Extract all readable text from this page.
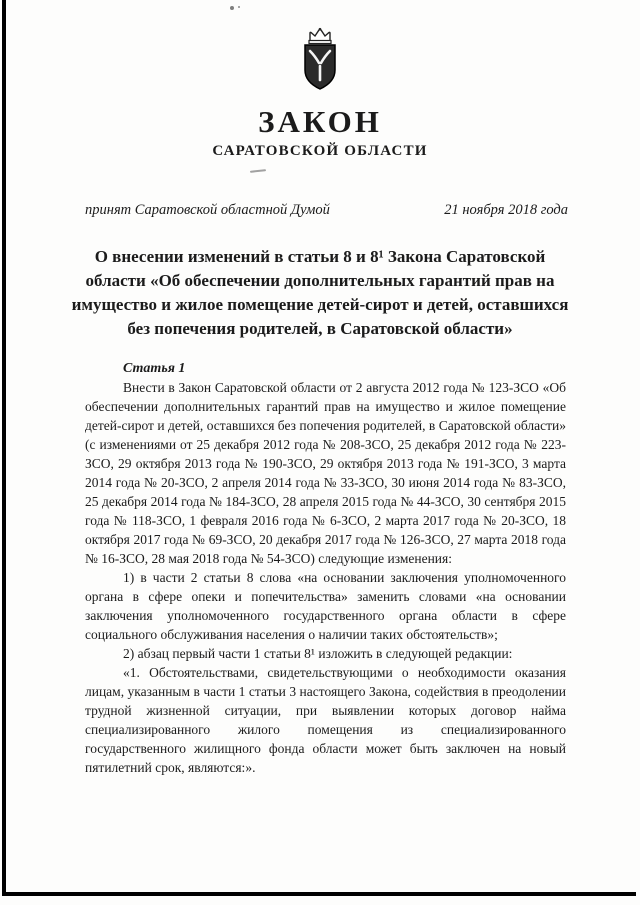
ЗАКОН
САРАТОВСКОЙ ОБЛАСТИ
принят Саратовской областной Думой	21 ноября 2018 года
О внесении изменений в статьи 8 и 8¹ Закона Саратовской области «Об обеспечении дополнительных гарантий прав на имущество и жилое помещение детей-сирот и детей, оставшихся без попечения родителей, в Саратовской области»
Статья 1

Внести в Закон Саратовской области от 2 августа 2012 года № 123-ЗСО «Об обеспечении дополнительных гарантий прав на имущество и жилое помещение детей-сирот и детей, оставшихся без попечения родителей, в Саратовской области» (с изменениями от 25 декабря 2012 года № 208-ЗСО, 25 декабря 2012 года № 223-ЗСО, 29 октября 2013 года № 190-ЗСО, 29 октября 2013 года № 191-ЗСО, 3 марта 2014 года № 20-ЗСО, 2 апреля 2014 года № 33-ЗСО, 30 июня 2014 года № 83-ЗСО, 25 декабря 2014 года № 184-ЗСО, 28 апреля 2015 года № 44-ЗСО, 30 сентября 2015 года № 118-ЗСО, 1 февраля 2016 года № 6-ЗСО, 2 марта 2017 года № 20-ЗСО, 18 октября 2017 года № 69-ЗСО, 20 декабря 2017 года № 126-ЗСО, 27 марта 2018 года № 16-ЗСО, 28 мая 2018 года № 54-ЗСО) следующие изменения:

1) в части 2 статьи 8 слова «на основании заключения уполномоченного органа в сфере опеки и попечительства» заменить словами «на основании заключения уполномоченного государственного органа области в сфере социального обслуживания населения о наличии таких обстоятельств»;

2) абзац первый части 1 статьи 8¹ изложить в следующей редакции:

«1. Обстоятельствами, свидетельствующими о необходимости оказания лицам, указанным в части 1 статьи 3 настоящего Закона, содействия в преодолении трудной жизненной ситуации, при выявлении которых договор найма специализированного жилого помещения из специализированного государственного жилищного фонда области может быть заключен на новый пятилетний срок, являются:».
